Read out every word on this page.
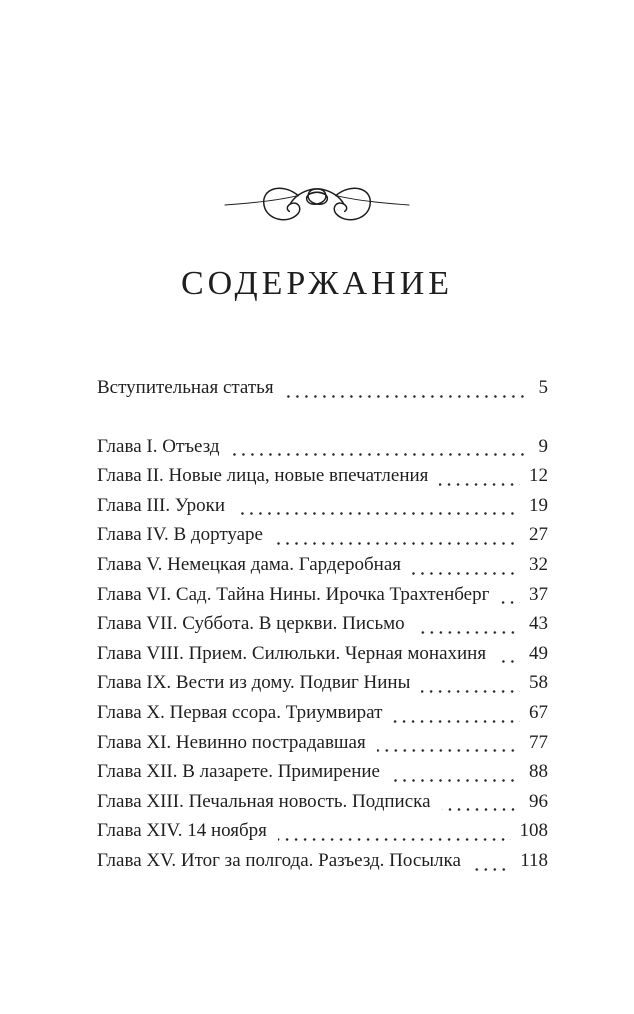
СОДЕРЖАНИЕ
Вступительная статья	5
Глава I. Отъезд	9
Глава II. Новые лица, новые впечатления	12
Глава III. Уроки	19
Глава IV. В дортуаре	27
Глава V. Немецкая дама. Гардеробная	32
Глава VI. Сад. Тайна Нины. Ирочка Трахтенберг 37
Глава VII. Суббота. В церкви. Письмо	43
Глава VIII. Прием. Силюльки. Черная монахиня 49
Глава IX. Вести из дому. Подвиг Нины	58
Глава X. Первая ссора. Триумвират	67
Глава XI. Невинно пострадавшая	77
Глава XII. В лазарете. Примирение	88
Глава XIII. Печальная новость. Подписка	96
Глава XIV. 14 ноября	108
Глава XV. Итог за полгода. Разъезд. Посылка	118
